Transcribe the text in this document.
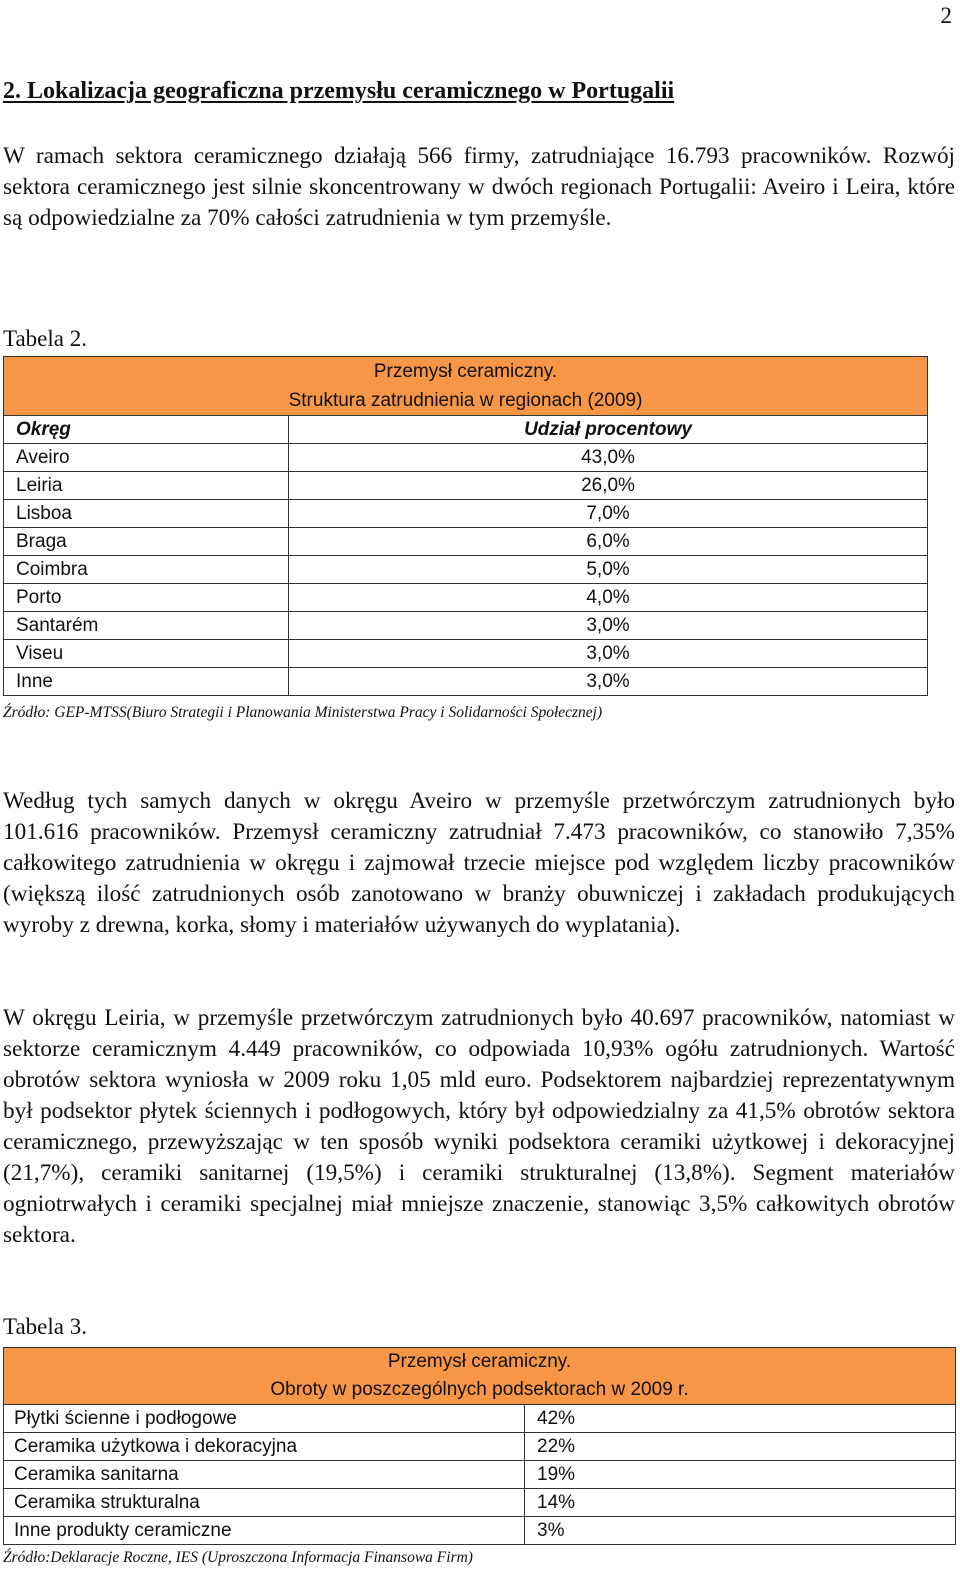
2
2. Lokalizacja geograficzna przemysłu ceramicznego w Portugalii

W ramach sektora ceramicznego działają 566 firmy, zatrudniające 16.793 pracowników. Rozwój sektora ceramicznego jest silnie skoncentrowany w dwóch regionach Portugalii: Aveiro i Leira, które są odpowiedzialne za 70% całości zatrudnienia w tym przemyśle.

Tabela 2.
Przemysł ceramiczny.
Struktura zatrudnienia w regionach (2009)	

Okręg	Udział procentowy
Aveiro	43,0%
Leiria	26,0%
Lisboa	7,0%
Braga	6,0%
Coimbra	5,0%
Porto	4,0%
Santarém	3,0%
Viseu	3,0%
Inne	3,0%
Źródło: GEP-MTSS(Biuro Strategii i Planowania Ministerstwa Pracy i Solidarności Społecznej)

Według tych samych danych w okręgu Aveiro w przemyśle przetwórczym zatrudnionych było 101.616 pracowników. Przemysł ceramiczny zatrudniał 7.473 pracowników, co stanowiło 7,35% całkowitego zatrudnienia w okręgu i zajmował trzecie miejsce pod względem liczby pracowników (większą ilość zatrudnionych osób zanotowano w branży obuwniczej i zakładach produkujących wyroby z drewna, korka, słomy i materiałów używanych do wyplatania).

W okręgu Leiria, w przemyśle przetwórczym zatrudnionych było 40.697 pracowników, natomiast w sektorze ceramicznym 4.449 pracowników, co odpowiada 10,93% ogółu zatrudnionych. Wartość obrotów sektora wyniosła w 2009 roku 1,05 mld euro. Podsektorem najbardziej reprezentatywnym był podsektor płytek ściennych i podłogowych, który był odpowiedzialny za 41,5% obrotów sektora ceramicznego, przewyższając w ten sposób wyniki podsektora ceramiki użytkowej i dekoracyjnej (21,7%), ceramiki sanitarnej (19,5%) i ceramiki strukturalnej (13,8%). Segment materiałów ogniotrwałych i ceramiki specjalnej miał mniejsze znaczenie, stanowiąc 3,5% całkowitych obrotów sektora.

Tabela 3.
Przemysł ceramiczny.
Obroty w poszczególnych podsektorach w 2009 r.	

Płytki ścienne i podłogowe	42%
Ceramika użytkowa i dekoracyjna	22%
Ceramika sanitarna	19%
Ceramika strukturalna	14%
Inne produkty ceramiczne	3%
Źródło:Deklaracje Roczne, IES (Uproszczona Informacja Finansowa Firm)
